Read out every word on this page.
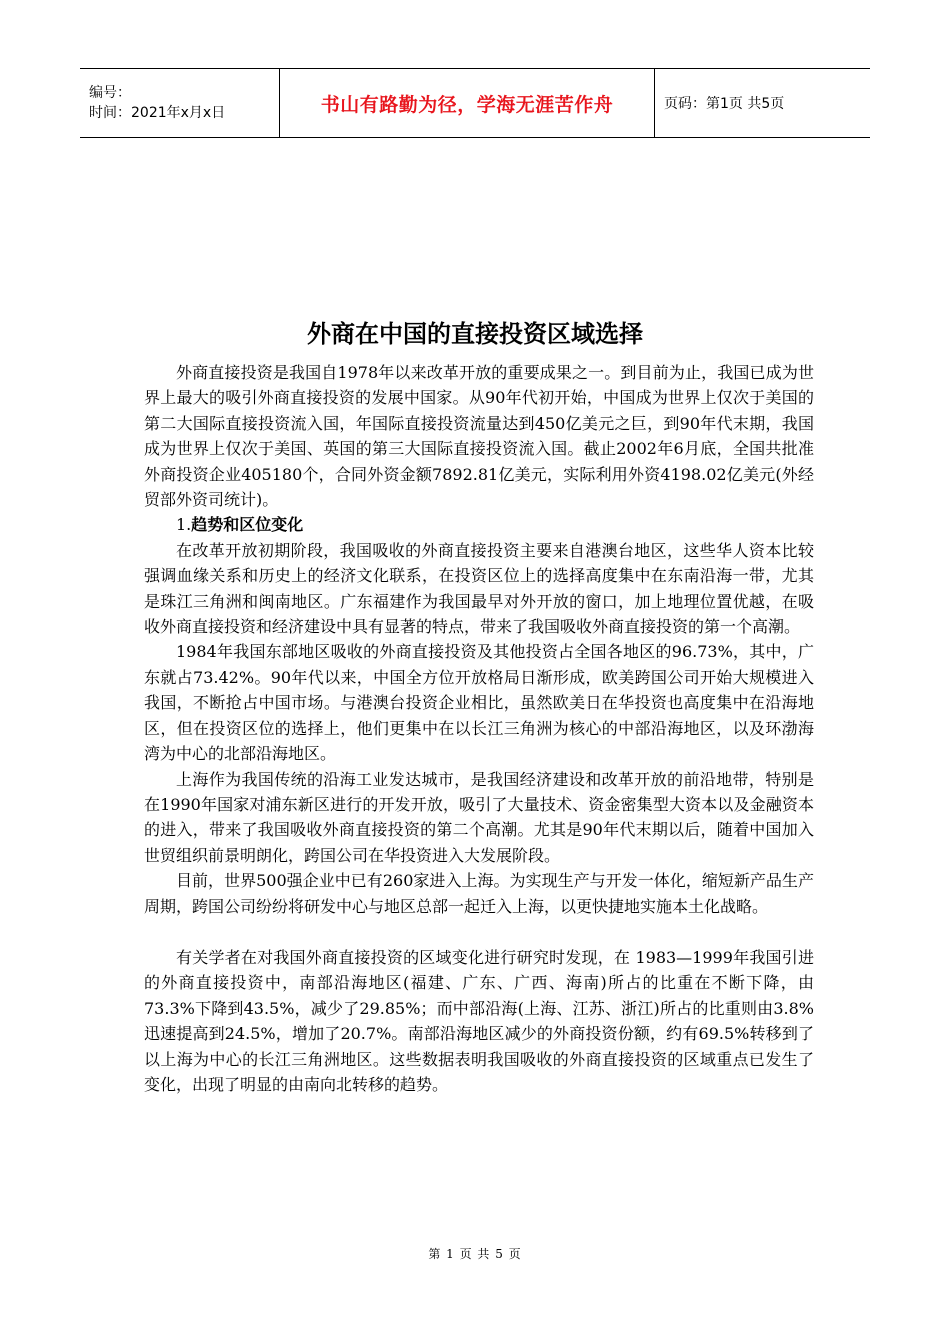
编号：
时间：2021年x月x日	书山有路勤为径，学海无涯苦作舟	页码：第1页 共5页
外商在中国的直接投资区域选择

外商直接投资是我国自1978年以来改革开放的重要成果之一。到目前为止，我国已成为世界上最大的吸引外商直接投资的发展中国家。从90年代初开始，中国成为世界上仅次于美国的第二大国际直接投资流入国，年国际直接投资流量达到450亿美元之巨，到90年代末期，我国成为世界上仅次于美国、英国的第三大国际直接投资流入国。截止2002年6月底，全国共批准外商投资企业405180个，合同外资金额7892.81亿美元，实际利用外资4198.02亿美元(外经贸部外资司统计)。

1.趋势和区位变化

在改革开放初期阶段，我国吸收的外商直接投资主要来自港澳台地区，这些华人资本比较强调血缘关系和历史上的经济文化联系，在投资区位上的选择高度集中在东南沿海一带，尤其是珠江三角洲和闽南地区。广东福建作为我国最早对外开放的窗口，加上地理位置优越，在吸收外商直接投资和经济建设中具有显著的特点，带来了我国吸收外商直接投资的第一个高潮。

1984年我国东部地区吸收的外商直接投资及其他投资占全国各地区的96.73%，其中，广东就占73.42%。90年代以来，中国全方位开放格局日渐形成，欧美跨国公司开始大规模进入我国，不断抢占中国市场。与港澳台投资企业相比，虽然欧美日在华投资也高度集中在沿海地区，但在投资区位的选择上，他们更集中在以长江三角洲为核心的中部沿海地区，以及环渤海湾为中心的北部沿海地区。

上海作为我国传统的沿海工业发达城市，是我国经济建设和改革开放的前沿地带，特别是在1990年国家对浦东新区进行的开发开放，吸引了大量技术、资金密集型大资本以及金融资本的进入，带来了我国吸收外商直接投资的第二个高潮。尤其是90年代末期以后，随着中国加入世贸组织前景明朗化，跨国公司在华投资进入大发展阶段。

目前，世界500强企业中已有260家进入上海。为实现生产与开发一体化，缩短新产品生产周期，跨国公司纷纷将研发中心与地区总部一起迁入上海，以更快捷地实施本土化战略。

有关学者在对我国外商直接投资的区域变化进行研究时发现，在 1983—1999年我国引进的外商直接投资中，南部沿海地区(福建、广东、广西、海南)所占的比重在不断下降，由73.3%下降到43.5%，减少了29.85%；而中部沿海(上海、江苏、浙江)所占的比重则由3.8%迅速提高到24.5%，增加了20.7%。南部沿海地区减少的外商投资份额，约有69.5%转移到了以上海为中心的长江三角洲地区。这些数据表明我国吸收的外商直接投资的区域重点已发生了变化，出现了明显的由南向北转移的趋势。

第 1 页 共 5 页
